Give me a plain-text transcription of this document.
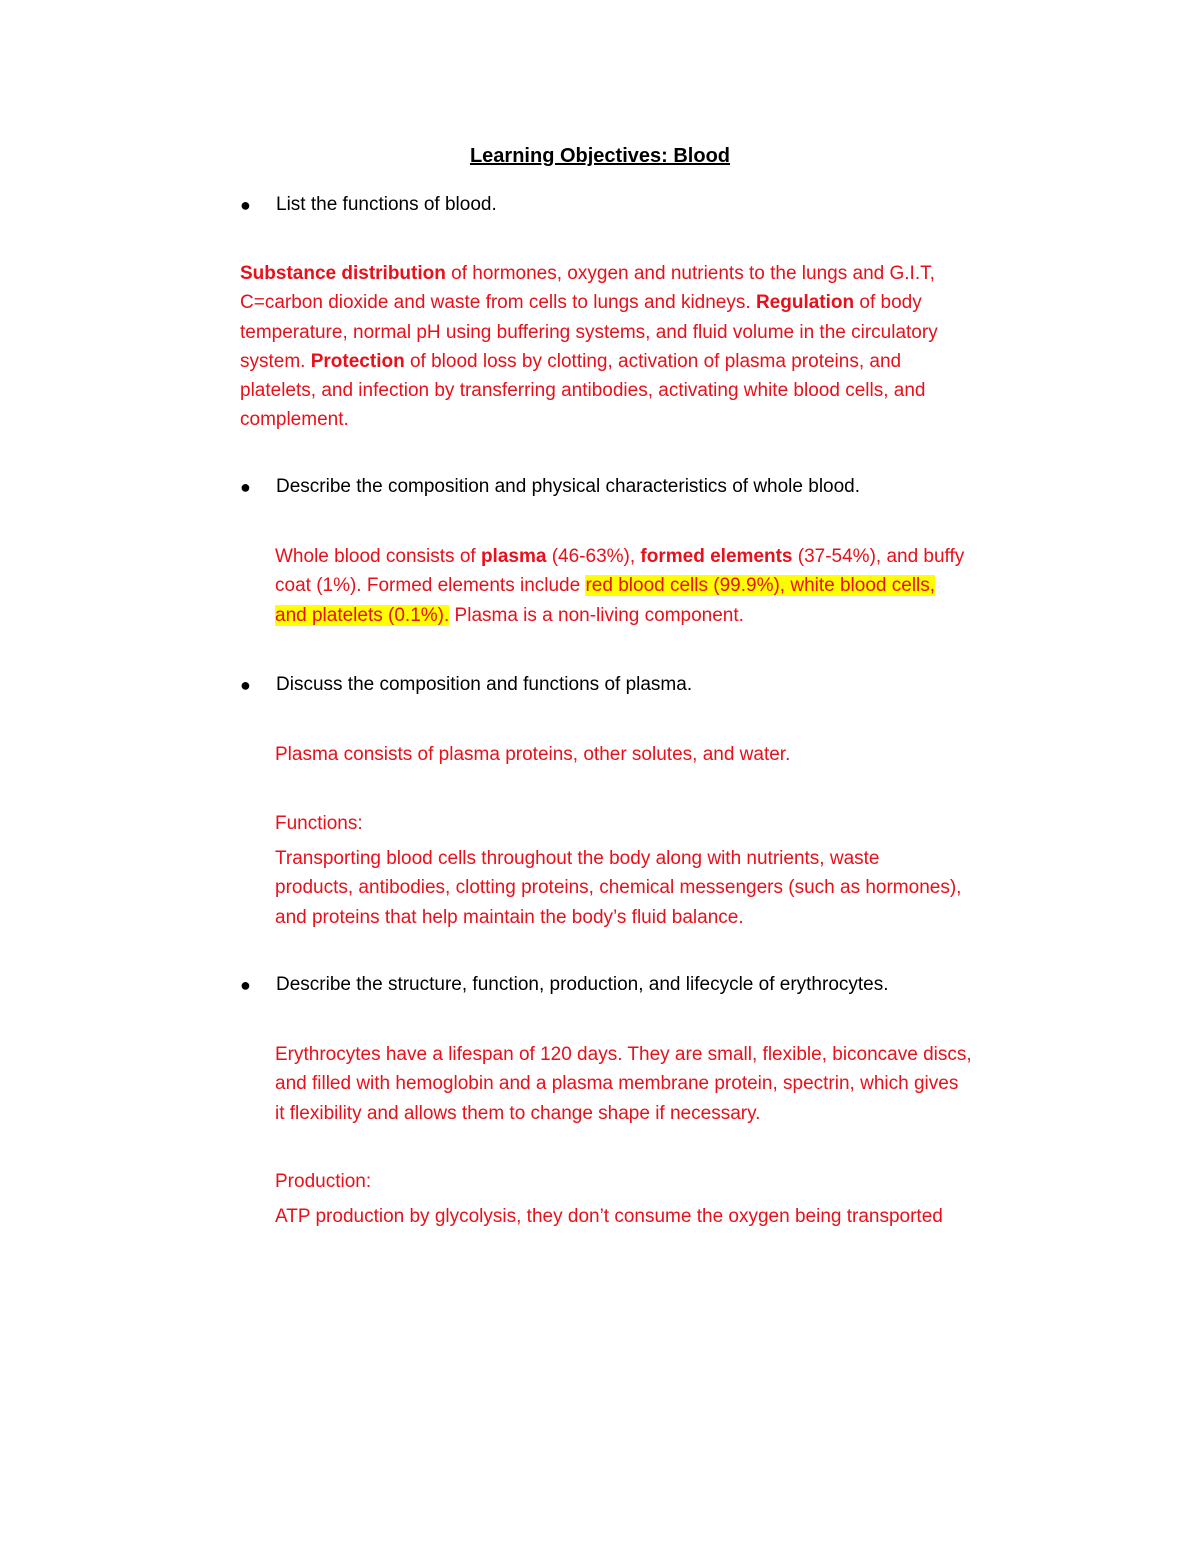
Learning Objectives: Blood
●	List the functions of blood.
Substance distribution of hormones, oxygen and nutrients to the lungs and G.I.T,
C=carbon dioxide and waste from cells to lungs and kidneys. Regulation of body
temperature, normal pH using buffering systems, and fluid volume in the circulatory
system. Protection of blood loss by clotting, activation of plasma proteins, and
platelets, and infection by transferring antibodies, activating white blood cells, and
complement.
●	Describe the composition and physical characteristics of whole blood.
Whole blood consists of plasma (46-63%), formed elements (37-54%), and buffy
coat (1%). Formed elements include red blood cells (99.9%), white blood cells,
and platelets (0.1%). Plasma is a non-living component.
●	Discuss the composition and functions of plasma.
Plasma consists of plasma proteins, other solutes, and water.
Functions:
Transporting blood cells throughout the body along with nutrients, waste
products, antibodies, clotting proteins, chemical messengers (such as hormones),
and proteins that help maintain the body’s fluid balance.
●	Describe the structure, function, production, and lifecycle of erythrocytes.
Erythrocytes have a lifespan of 120 days. They are small, flexible, biconcave discs,
and filled with hemoglobin and a plasma membrane protein, spectrin, which gives
it flexibility and allows them to change shape if necessary.
Production:
ATP production by glycolysis, they don’t consume the oxygen being transported
